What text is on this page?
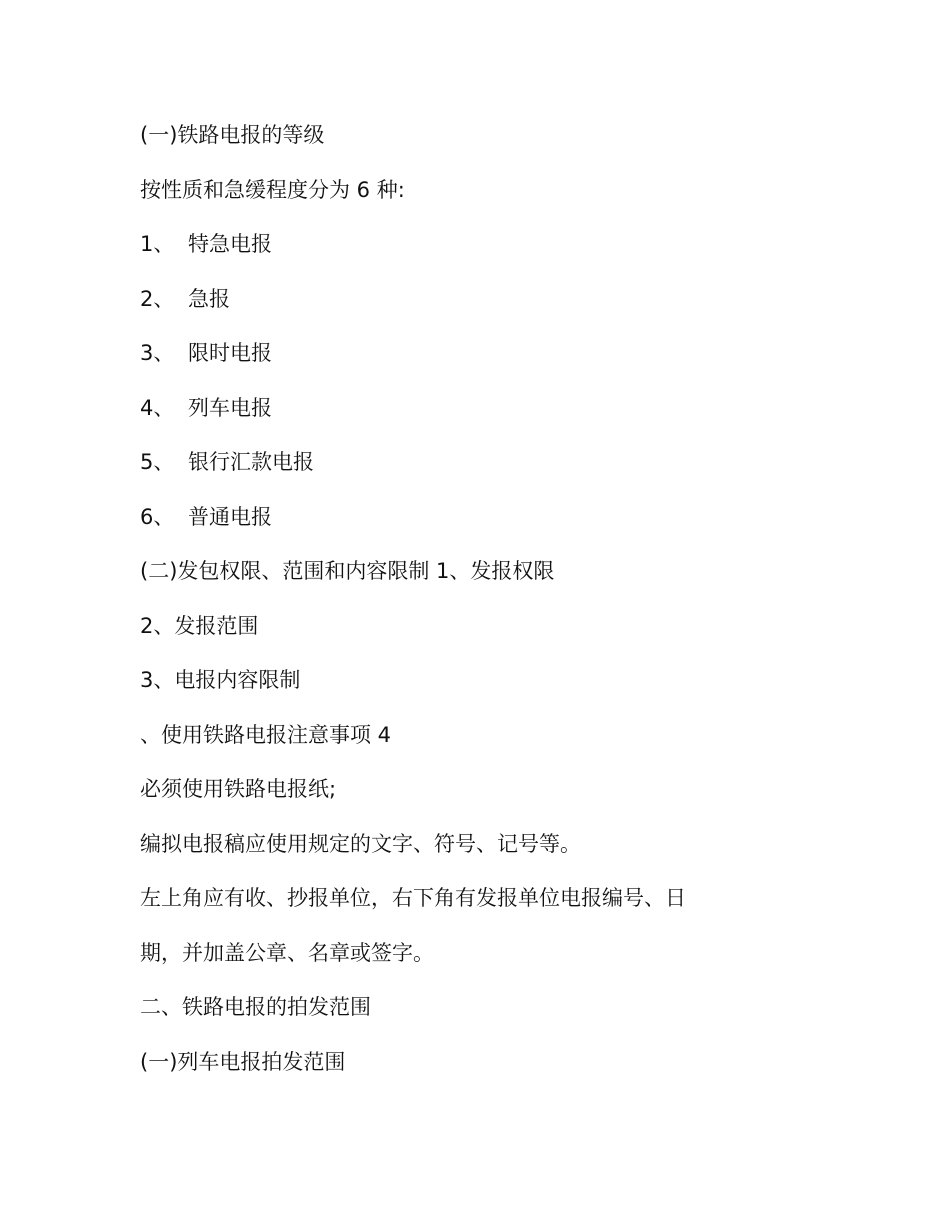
(一)铁路电报的等级
按性质和急缓程度分为 6 种:
1、 特急电报
2、 急报
3、 限时电报
4、 列车电报
5、 银行汇款电报
6、 普通电报
(二)发包权限、范围和内容限制 1、发报权限
2、发报范围
3、电报内容限制
、使用铁路电报注意事项 4
必须使用铁路电报纸;
编拟电报稿应使用规定的文字、符号、记号等。
左上角应有收、抄报单位，右下角有发报单位电报编号、日
期，并加盖公章、名章或签字。
二、铁路电报的拍发范围
(一)列车电报拍发范围
